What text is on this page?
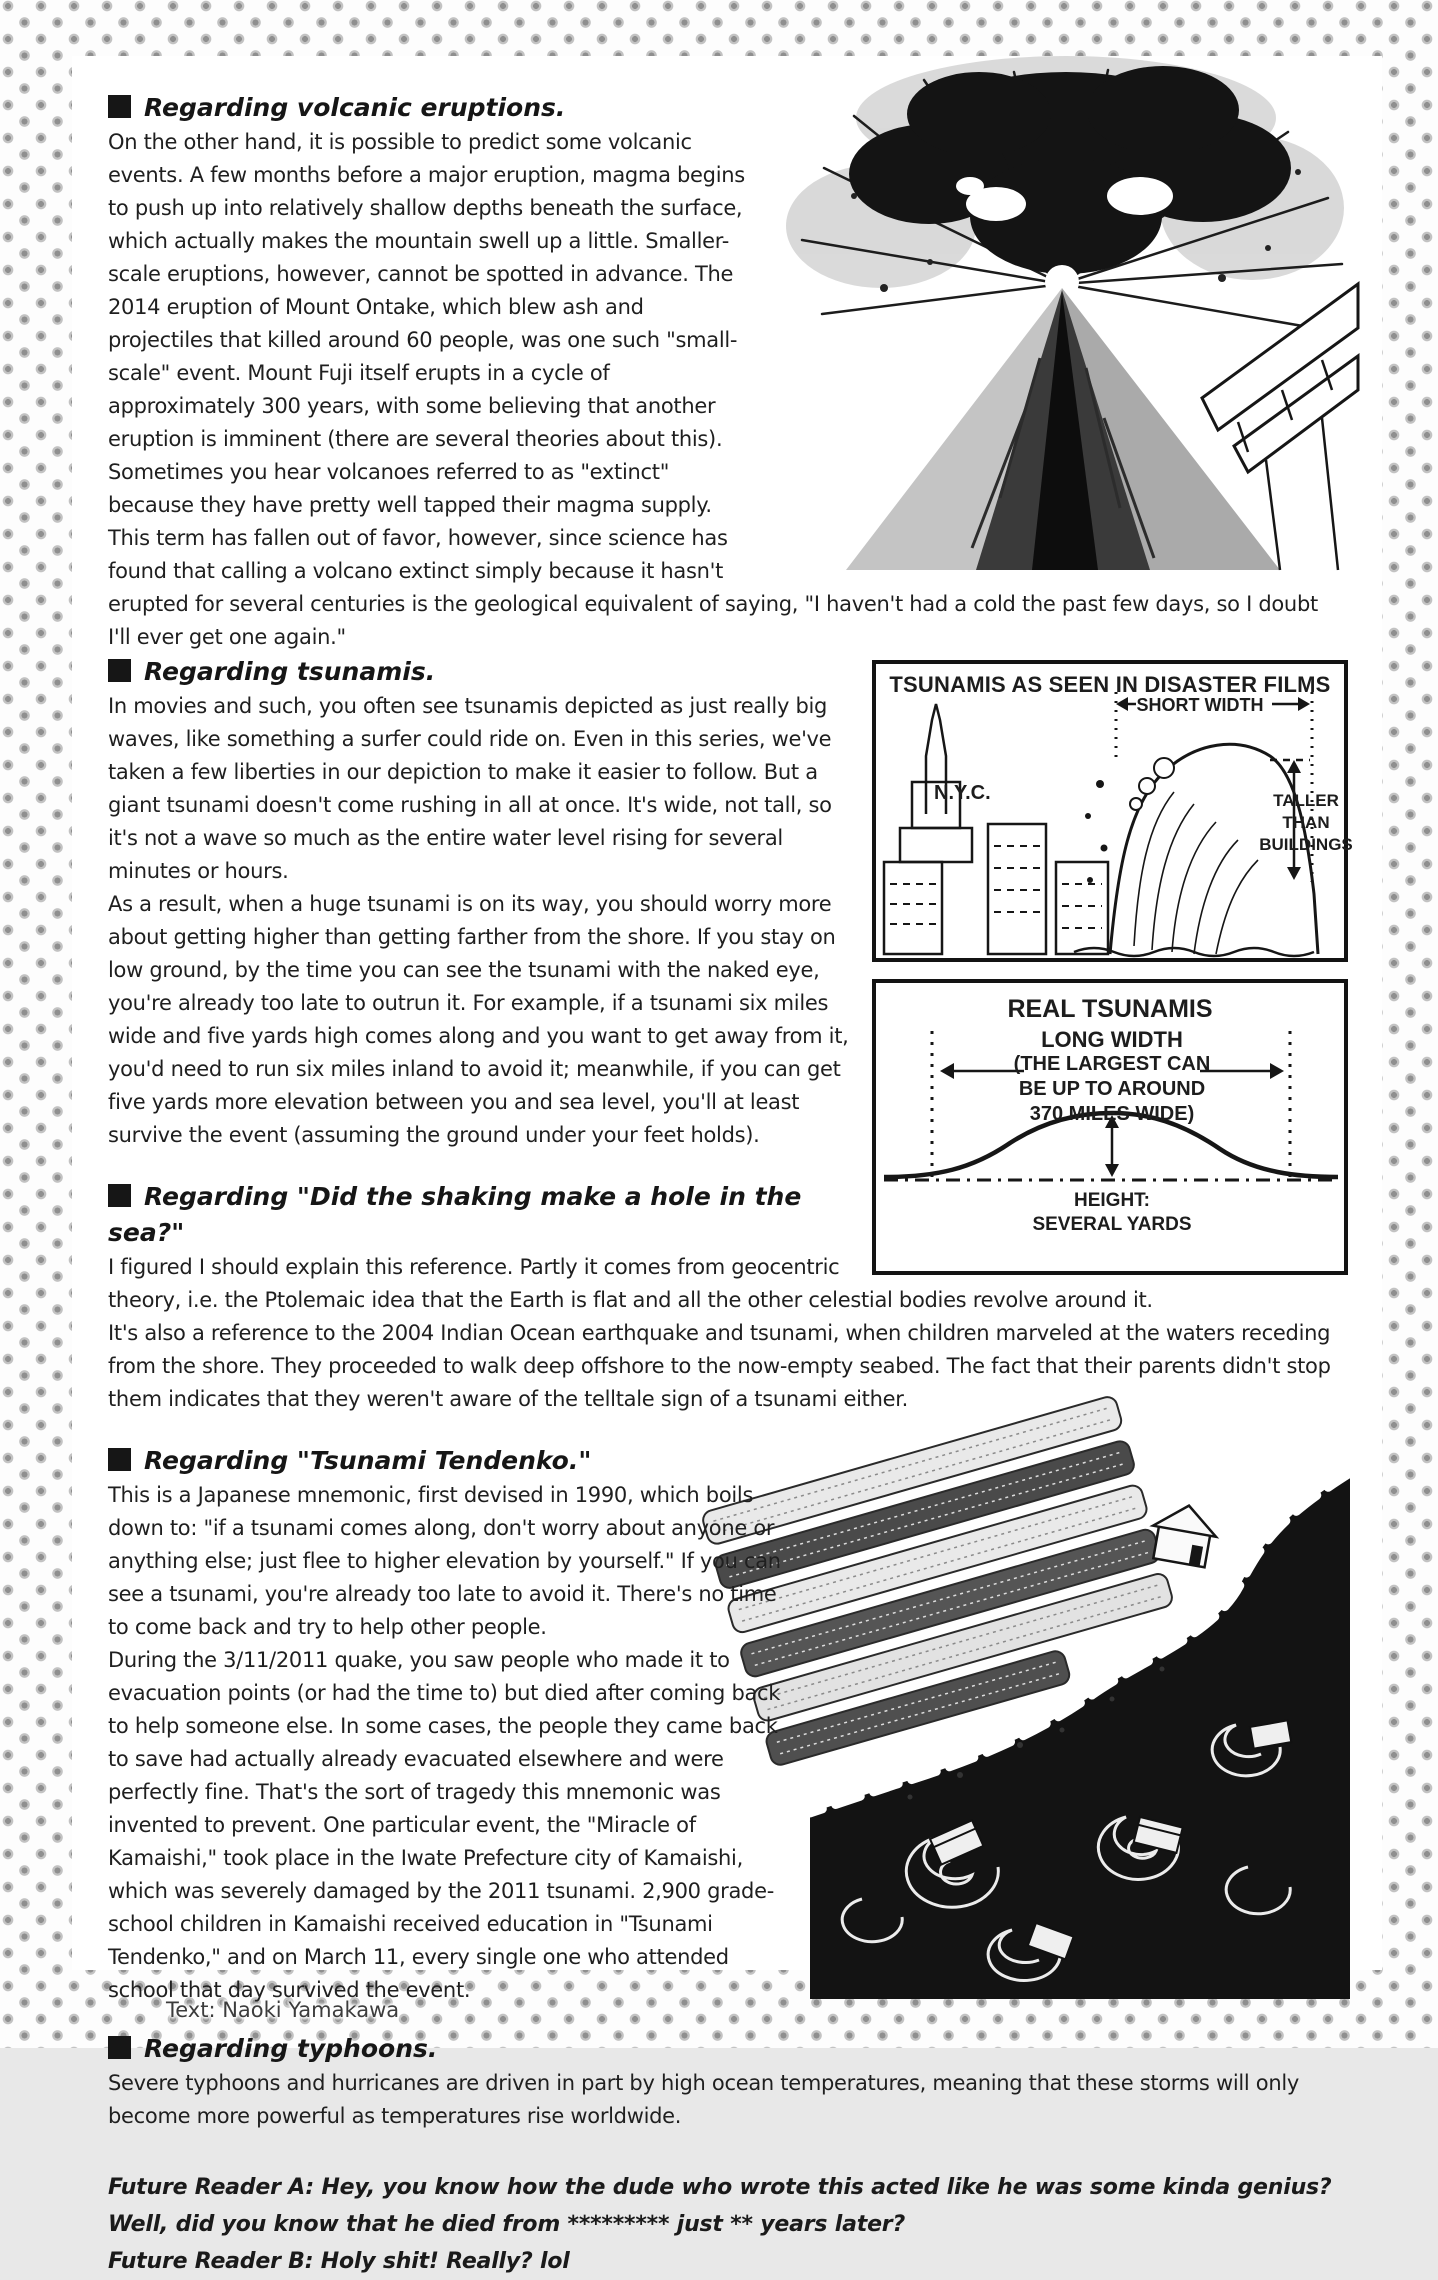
Regarding volcanic eruptions.

On the other hand, it is possible to predict some volcanic events. A few months before a major eruption, magma begins to push up into relatively shallow depths beneath the surface, which actually makes the mountain swell up a little. Smaller-scale eruptions, however, cannot be spotted in advance. The 2014 eruption of Mount Ontake, which blew ash and projectiles that killed around 60 people, was one such "small-scale" event. Mount Fuji itself erupts in a cycle of approximately 300 years, with some believing that another eruption is imminent (there are several theories about this).

Sometimes you hear volcanoes referred to as "extinct" because they have pretty well tapped their magma supply. This term has fallen out of favor, however, since science has found that calling a volcano extinct simply because it hasn't erupted for several centuries is the geological equivalent of saying, "I haven't had a cold the past few days, so I doubt I'll ever get one again."

TSUNAMIS AS SEEN IN DISASTER FILMS
N.Y.C.
SHORT WIDTH
TALLER
THAN
BUILDINGS
REAL TSUNAMIS
LONG WIDTH
(THE LARGEST CAN BE UP TO AROUND 370 MILES WIDE)
HEIGHT:
SEVERAL YARDS
Regarding tsunamis.

In movies and such, you often see tsunamis depicted as just really big waves, like something a surfer could ride on. Even in this series, we've taken a few liberties in our depiction to make it easier to follow. But a giant tsunami doesn't come rushing in all at once. It's wide, not tall, so it's not a wave so much as the entire water level rising for several minutes or hours.

As a result, when a huge tsunami is on its way, you should worry more about getting higher than getting farther from the shore. If you stay on low ground, by the time you can see the tsunami with the naked eye, you're already too late to outrun it. For example, if a tsunami six miles wide and five yards high comes along and you want to get away from it, you'd need to run six miles inland to avoid it; meanwhile, if you can get five yards more elevation between you and sea level, you'll at least survive the event (assuming the ground under your feet holds).

Regarding "Did the shaking make a hole in the sea?"

I figured I should explain this reference. Partly it comes from geocentric theory, i.e. the Ptolemaic idea that the Earth is flat and all the other celestial bodies revolve around it.

It's also a reference to the 2004 Indian Ocean earthquake and tsunami, when children marveled at the waters receding from the shore. They proceeded to walk deep offshore to the now-empty seabed. The fact that their parents didn't stop them indicates that they weren't aware of the telltale sign of a tsunami either.

Regarding "Tsunami Tendenko."

This is a Japanese mnemonic, first devised in 1990, which boils down to: "if a tsunami comes along, don't worry about anyone or anything else; just flee to higher elevation by yourself." If you can see a tsunami, you're already too late to avoid it. There's no time to come back and try to help other people.

During the 3/11/2011 quake, you saw people who made it to evacuation points (or had the time to) but died after coming back to help someone else. In some cases, the people they came back to save had actually already evacuated elsewhere and were perfectly fine. That's the sort of tragedy this mnemonic was invented to prevent. One particular event, the "Miracle of Kamaishi," took place in the Iwate Prefecture city of Kamaishi, which was severely damaged by the 2011 tsunami. 2,900 grade-school children in Kamaishi received education in "Tsunami Tendenko," and on March 11, every single one who attended school that day survived the event.

Regarding typhoons.

Severe typhoons and hurricanes are driven in part by high ocean temperatures, meaning that these storms will only become more powerful as temperatures rise worldwide.

Future Reader A: Hey, you know how the dude who wrote this acted like he was some kinda genius? Well, did you know that he died from ********* just ** years later?

Future Reader B: Holy shit! Really? lol

Text: Naoki Yamakawa
